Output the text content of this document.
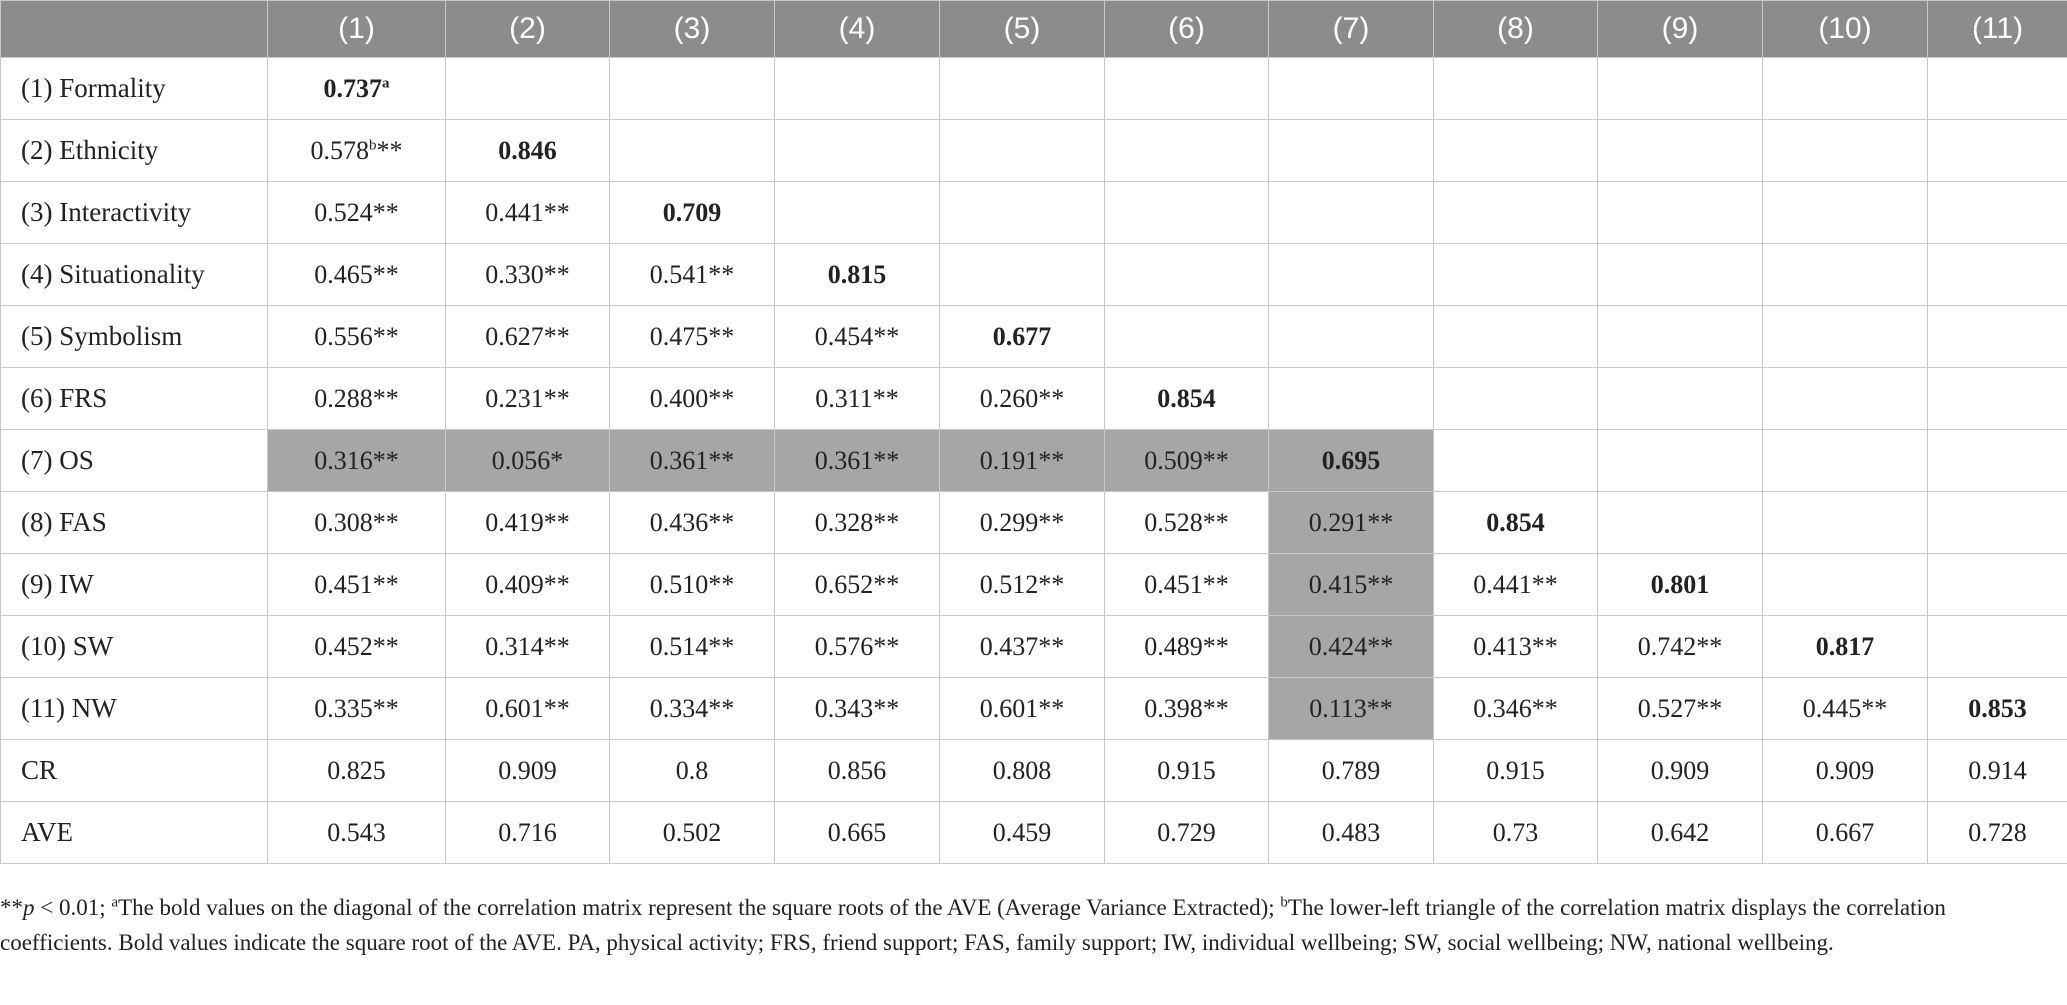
	(1)	(2)	(3)	(4)	(5)	(6)	(7)	(8)	(9)	(10)	(11)
(1) Formality	0.737$^a$										
(2) Ethnicity	0.578$^b$**	0.846									
(3) Interactivity	0.524**	0.441**	0.709								
(4) Situationality	0.465**	0.330**	0.541**	0.815							
(5) Symbolism	0.556**	0.627**	0.475**	0.454**	0.677						
(6) FRS	0.288**	0.231**	0.400**	0.311**	0.260**	0.854					
(7) OS	0.316**	0.056*	0.361**	0.361**	0.191**	0.509**	0.695				
(8) FAS	0.308**	0.419**	0.436**	0.328**	0.299**	0.528**	0.291**	0.854			
(9) IW	0.451**	0.409**	0.510**	0.652**	0.512**	0.451**	0.415**	0.441**	0.801		
(10) SW	0.452**	0.314**	0.514**	0.576**	0.437**	0.489**	0.424**	0.413**	0.742**	0.817	
(11) NW	0.335**	0.601**	0.334**	0.343**	0.601**	0.398**	0.113**	0.346**	0.527**	0.445**	0.853
CR	0.825	0.909	0.8	0.856	0.808	0.915	0.789	0.915	0.909	0.909	0.914
AVE	0.543	0.716	0.502	0.665	0.459	0.729	0.483	0.73	0.642	0.667	0.728
**p < 0.01; $^a$The bold values on the diagonal of the correlation matrix represent the square roots of the AVE (Average Variance Extracted); $^b$The lower-left triangle of the correlation matrix displays the correlation coefficients. Bold values indicate the square root of the AVE. PA, physical activity; FRS, friend support; FAS, family support; IW, individual wellbeing; SW, social wellbeing; NW, national wellbeing.
